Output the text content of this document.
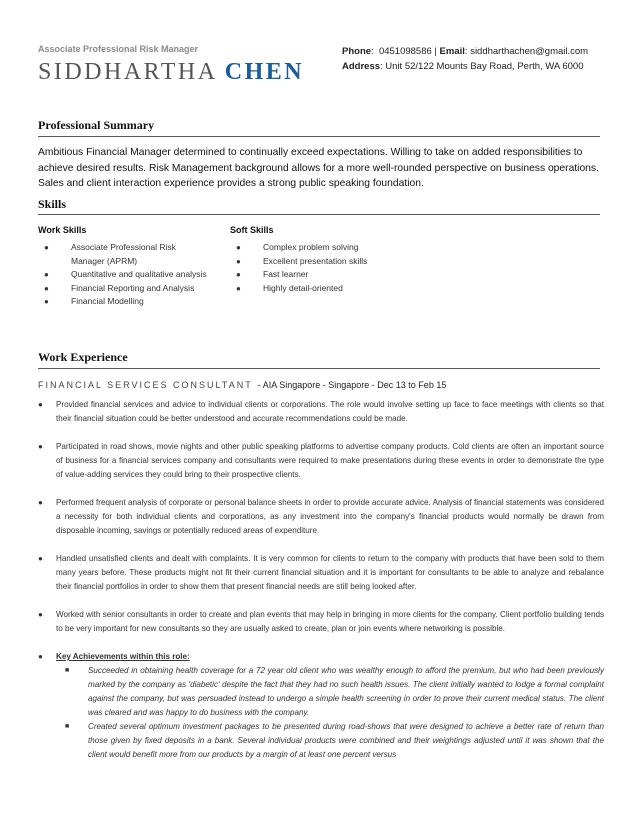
Associate Professional Risk Manager
SIDDHARTHA CHEN
Phone:  0451098586 | Email: siddharthachen@gmail.com
Address: Unit 52/122 Mounts Bay Road, Perth, WA 6000
Professional Summary
Ambitious Financial Manager determined to continually exceed expectations. Willing to take on added responsibilities to achieve desired results. Risk Management background allows for a more well-rounded perspective on business operations. Sales and client interaction experience provides a strong public speaking foundation.
Skills
Work Skills
●	Associate Professional Risk Manager (APRM)
●	Quantitative and qualitative analysis
●	Financial Reporting and Analysis
●	Financial Modelling
Soft Skills
●	Complex problem solving
●	Excellent presentation skills
●	Fast learner
●	Highly detail-oriented
Work Experience
FINANCIAL SERVICES CONSULTANT - AIA Singapore - Singapore - Dec 13 to Feb 15
● Provided financial services and advice to individual clients or corporations. The role would involve setting up face to face meetings with clients so that their financial situation could be better understood and accurate recommendations could be made.
● Participated in road shows, movie nights and other public speaking platforms to advertise company products. Cold clients are often an important source of business for a financial services company and consultants were required to make presentations during these events in order to demonstrate the type of value-adding services they could bring to their prospective clients.
● Performed frequent analysis of corporate or personal balance sheets in order to provide accurate advice. Analysis of financial statements was considered a necessity for both individual clients and corporations, as any investment into the company's financial products would normally be drawn from disposable incoming, savings or potentially reduced areas of expenditure.
● Handled unsatisfied clients and dealt with complaints. It is very common for clients to return to the company with products that have been sold to them many years before. These products might not fit their current financial situation and it is important for consultants to be able to analyze and rebalance their financial portfolios in order to show them that present financial needs are still being looked after.
● Worked with senior consultants in order to create and plan events that may help in bringing in more clients for the company. Client portfolio building tends to be very important for new consultants so they are usually asked to create, plan or join events where networking is possible.
● Key Achievements within this role:
■ Succeeded in obtaining health coverage for a 72 year old client who was wealthy enough to afford the premium, but who had been previously marked by the company as 'diabetic' despite the fact that they had no such health issues. The client initially wanted to lodge a formal complaint against the company, but was persuaded instead to undergo a simple health screening in order to prove their current medical status. The client was cleared and was happy to do business with the company.
■ Created several optimum investment packages to be presented during road-shows that were designed to achieve a better rate of return than those given by fixed deposits in a bank. Several individual products were combined and their weightings adjusted until it was shown that the client would benefit more from our products by a margin of at least one percent versus
